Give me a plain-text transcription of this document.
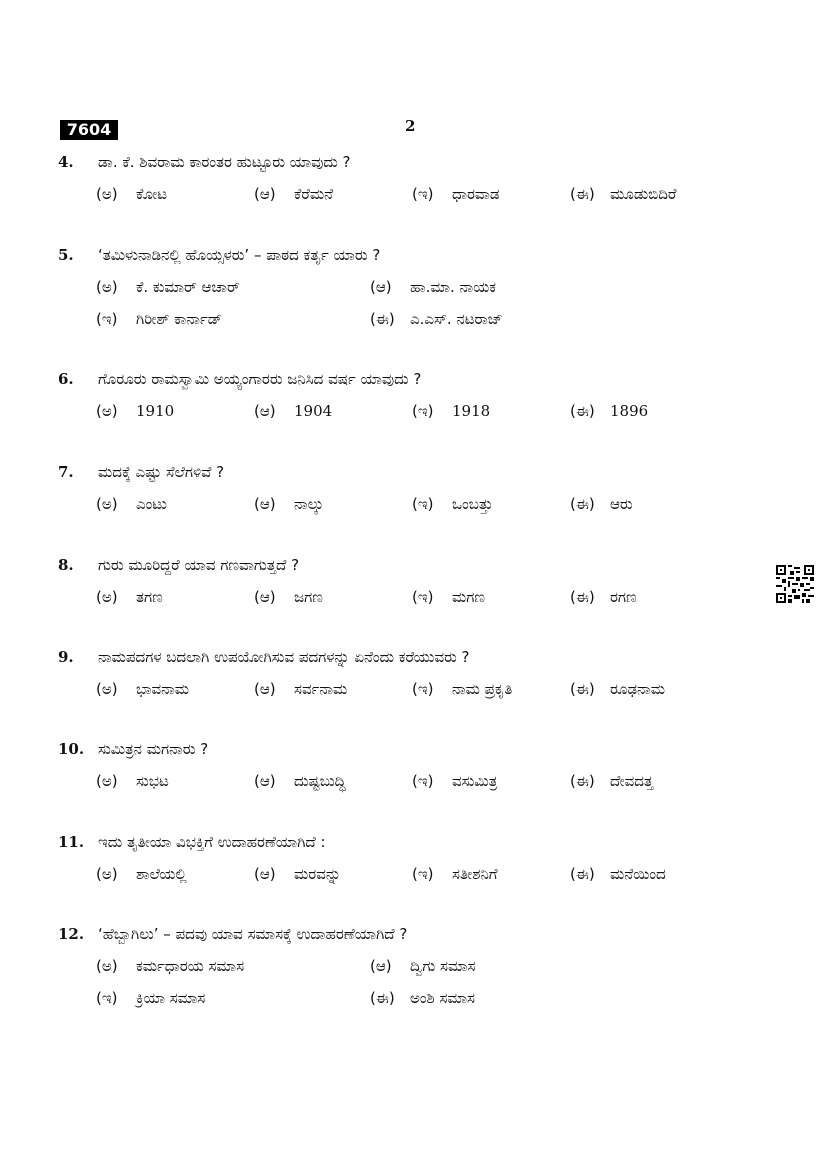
7604	2
4.	ಡಾ. ಕೆ. ಶಿವರಾಮ ಕಾರಂತರ ಹುಟ್ಟೂರು ಯಾವುದು ?
(ಅ)	ಕೋಟ	(ಆ)	ಕೆರೆಮನೆ	(ಇ)	ಧಾರವಾಡ	(ಈ)	ಮೂಡುಬಿದಿರೆ
5.	‘ತಮಿಳುನಾಡಿನಲ್ಲಿ ಹೊಯ್ಸಳರು’ – ಪಾಠದ ಕರ್ತೃ ಯಾರು ?
(ಅ)	ಕೆ. ಕುಮಾರ್ ಆಚಾರ್	(ಆ)	ಹಾ.ಮಾ. ನಾಯಕ
(ಇ)	ಗಿರೀಶ್ ಕಾರ್ನಾಡ್	(ಈ)	ಎ.ಎಸ್. ನಟರಾಜ್
6.	ಗೊರೂರು ರಾಮಸ್ವಾಮಿ ಅಯ್ಯಂಗಾರರು ಜನಿಸಿದ ವರ್ಷ ಯಾವುದು ?
(ಅ)	1910	(ಆ)	1904	(ಇ)	1918	(ಈ)	1896
7.	ಮದಕ್ಕೆ ಎಷ್ಟು ಸೆಲೆಗಳಿವೆ ?
(ಅ)	ಎಂಟು	(ಆ)	ನಾಲ್ಕು	(ಇ)	ಒಂಬತ್ತು	(ಈ)	ಆರು
8.	ಗುರು ಮೂರಿದ್ದರೆ ಯಾವ ಗಣವಾಗುತ್ತದೆ ?
(ಅ)	ತಗಣ	(ಆ)	ಜಗಣ	(ಇ)	ಮಗಣ	(ಈ)	ರಗಣ
9.	ನಾಮಪದಗಳ ಬದಲಾಗಿ ಉಪಯೋಗಿಸುವ ಪದಗಳನ್ನು ಏನೆಂದು ಕರೆಯುವರು ?
(ಅ)	ಭಾವನಾಮ	(ಆ)	ಸರ್ವನಾಮ	(ಇ)	ನಾಮ ಪ್ರಕೃತಿ	(ಈ)	ರೂಢನಾಮ
10. ಸುಮಿತ್ರನ ಮಗನಾರು ?
(ಅ)	ಸುಭಟ	(ಆ)	ದುಷ್ಟಬುದ್ಧಿ	(ಇ)	ವಸುಮಿತ್ರ	(ಈ)	ದೇವದತ್ತ
11. ಇದು ತೃತೀಯಾ ವಿಭಕ್ತಿಗೆ ಉದಾಹರಣೆಯಾಗಿದೆ :
(ಅ)	ಶಾಲೆಯಲ್ಲಿ	(ಆ)	ಮರವನ್ನು	(ಇ)	ಸತೀಶನಿಗೆ	(ಈ)	ಮನೆಯಿಂದ
12. ‘ಹೆಬ್ಬಾಗಿಲು’ – ಪದವು ಯಾವ ಸಮಾಸಕ್ಕೆ ಉದಾಹರಣೆಯಾಗಿದೆ ?
(ಅ)	ಕರ್ಮಧಾರಯ ಸಮಾಸ	(ಆ)	ದ್ವಿಗು ಸಮಾಸ
(ಇ)	ಕ್ರಿಯಾ ಸಮಾಸ	(ಈ)	ಅಂಶಿ ಸಮಾಸ
